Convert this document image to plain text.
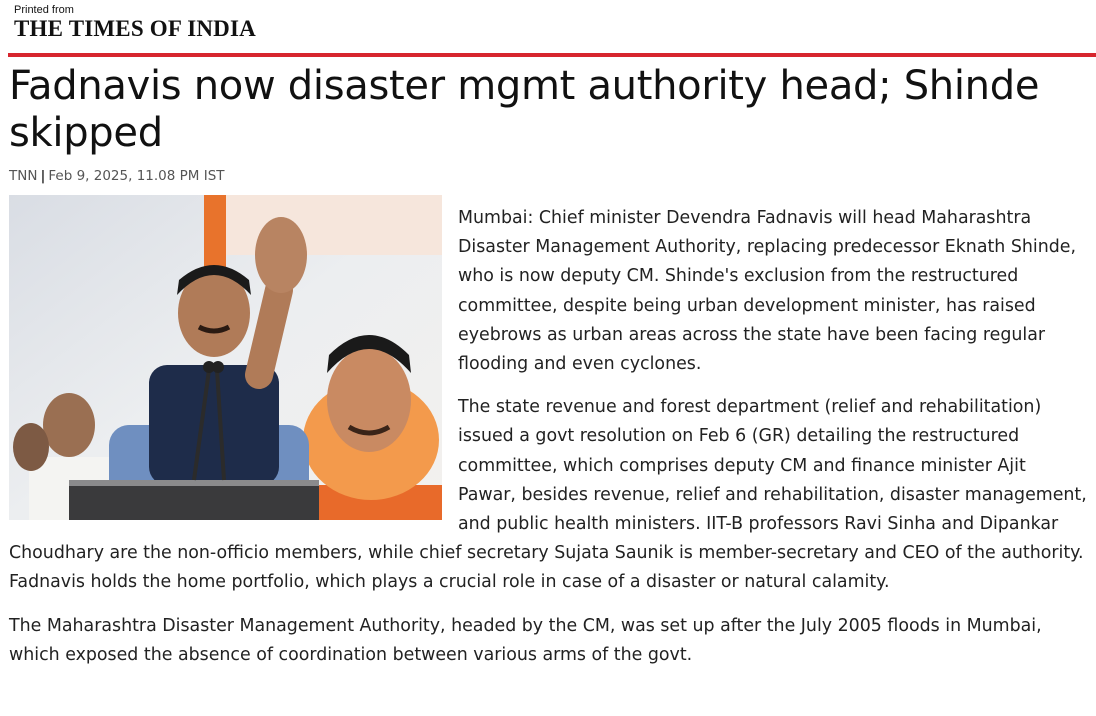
Printed from
THE TIMES OF INDIA
Fadnavis now disaster mgmt authority head; Shinde skipped
TNN | Feb 9, 2025, 11.08 PM IST

Mumbai: Chief minister Devendra Fadnavis will head Maharashtra Disaster Management Authority, replacing predecessor Eknath Shinde, who is now deputy CM. Shinde's exclusion from the restructured committee, despite being urban development minister, has raised eyebrows as urban areas across the state have been facing regular flooding and even cyclones.

The state revenue and forest department (relief and rehabilitation) issued a govt resolution on Feb 6 (GR) detailing the restructured committee, which comprises deputy CM and finance minister Ajit Pawar, besides revenue, relief and rehabilitation, disaster management, and public health ministers. IIT-B professors Ravi Sinha and Dipankar Choudhary are the non-officio members, while chief secretary Sujata Saunik is member-secretary and CEO of the authority. Fadnavis holds the home portfolio, which plays a crucial role in case of a disaster or natural calamity.

The Maharashtra Disaster Management Authority, headed by the CM, was set up after the July 2005 floods in Mumbai, which exposed the absence of coordination between various arms of the govt.
